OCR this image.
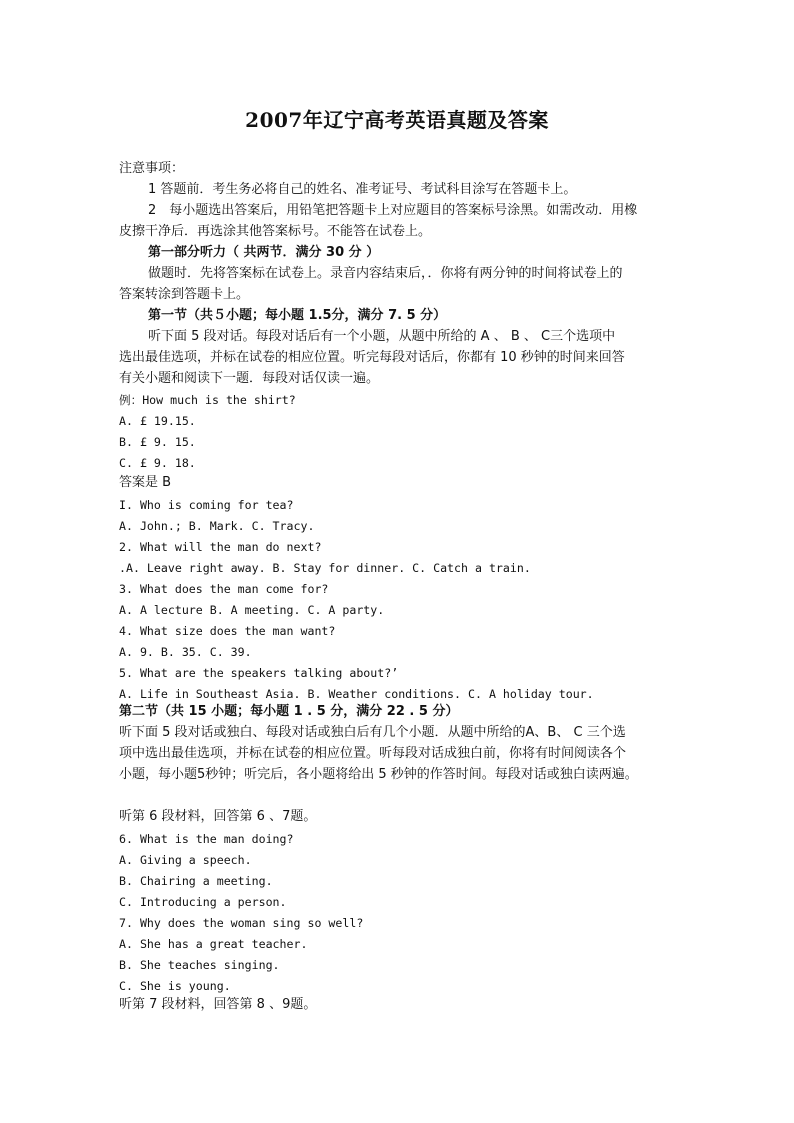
2007年辽宁高考英语真题及答案
注意事项：
1 答题前．考生务必将自己的姓名、准考证号、考试科目涂写在答题卡上。
2　每小题选出答案后，用铅笔把答题卡上对应题目的答案标号涂黑。如需改动．用橡
皮擦干净后．再选涂其他答案标号。不能答在试卷上。
第一部分听力（ 共两节．满分 30 分 ）
做题时．先将答案标在试卷上。录音内容结束后，．你将有两分钟的时间将试卷上的
答案转涂到答题卡上。
第一节（共５小题；每小题 1.5分，满分 7. 5 分）
听下面 5 段对话。每段对话后有一个小题，从题中所给的 A 、 B 、 C三个选项中
选出最佳选项，并标在试卷的相应位置。听完每段对话后，你都有 10 秒钟的时间来回答
有关小题和阅读下一题．每段对话仅读一遍。
例：How much is the shirt?
A. £ 19.15.
B. £ 9. 15.
C. £ 9. 18.
答案是 B
I. Who is coming for tea?
A. John.; B. Mark. C. Tracy.
2. What will the man do next?
.A. Leave right away. B. Stay for dinner. C. Catch a train.
3. What does the man come for?
A. A lecture B. A meeting. C. A party.
4. What size does the man want?
A. 9. B. 35. C. 39.
5. What are the speakers talking about?’
A. Life in Southeast Asia. B. Weather conditions. C. A holiday tour.
第二节（共 15 小题；每小题 1 . 5 分，满分 22 . 5 分）
听下面 5 段对话或独白、每段对话或独白后有几个小题．从题中所给的A、B、 C 三个选
项中选出最佳选项，并标在试卷的相应位置。听每段对话成独白前，你将有时间阅读各个
小题，每小题5秒钟；听完后，各小题将给出 5 秒钟的作答时间。每段对话或独白读两遍。
听第 6 段材料，回答第 6 、7题。
6. What is the man doing?
A. Giving a speech.
B. Chairing a meeting.
C. Introducing a person.
7. Why does the woman sing so well?
A. She has a great teacher.
B. She teaches singing.
C. She is young.
听第 7 段材料，回答第 8 、9题。
